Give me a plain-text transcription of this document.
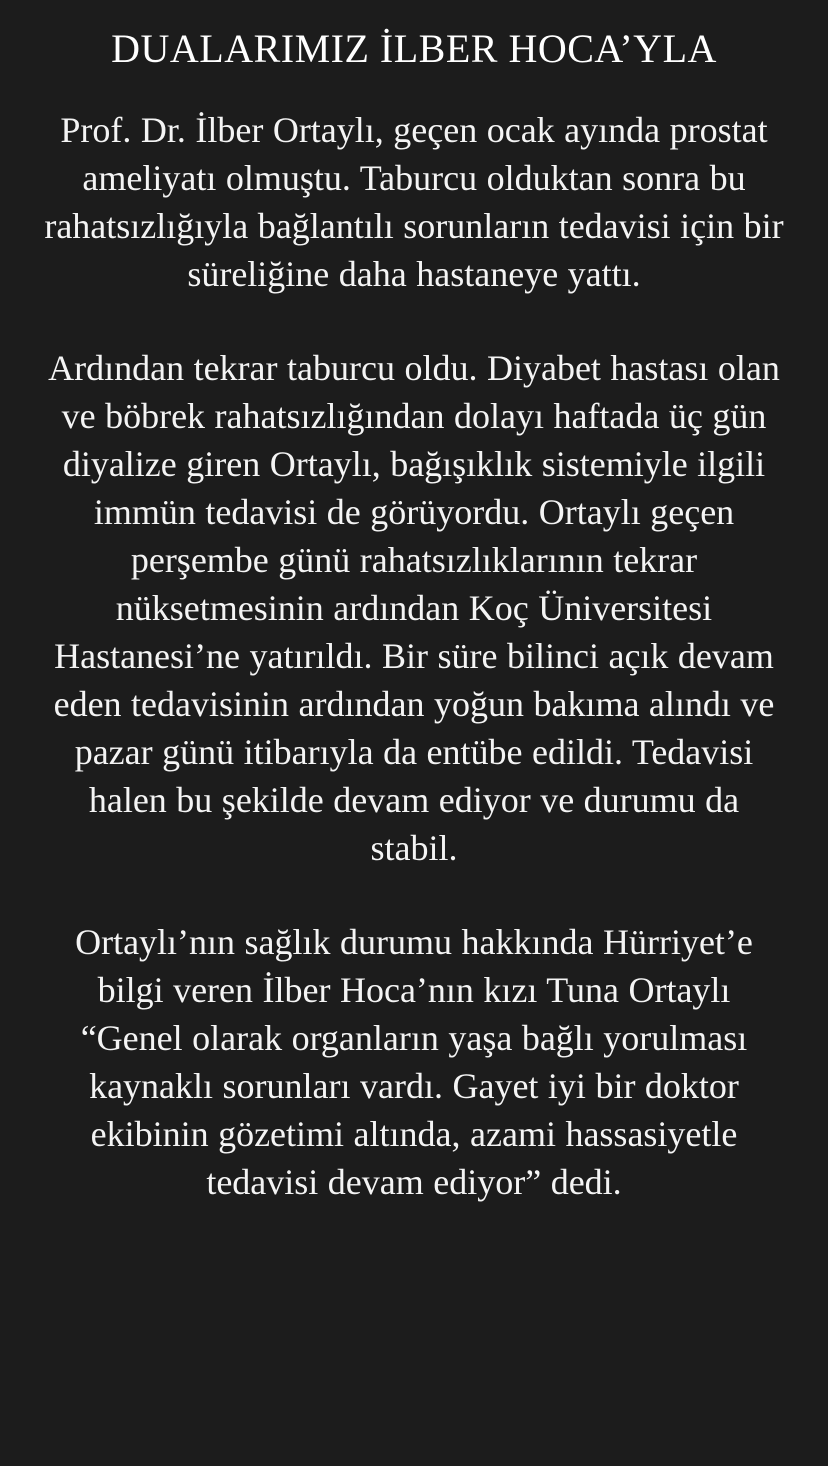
DUALARIMIZ İLBER HOCA’YLA

Prof. Dr. İlber Ortaylı, geçen ocak ayında prostat ameliyatı olmuştu. Taburcu olduktan sonra bu rahatsızlığıyla bağlantılı sorunların tedavisi için bir süreliğine daha hastaneye yattı.

Ardından tekrar taburcu oldu. Diyabet hastası olan ve böbrek rahatsızlığından dolayı haftada üç gün diyalize giren Ortaylı, bağışıklık sistemiyle ilgili immün tedavisi de görüyordu. Ortaylı geçen perşembe günü rahatsızlıklarının tekrar nüksetmesinin ardından Koç Üniversitesi Hastanesi’ne yatırıldı. Bir süre bilinci açık devam eden tedavisinin ardından yoğun bakıma alındı ve pazar günü itibarıyla da entübe edildi. Tedavisi halen bu şekilde devam ediyor ve durumu da stabil.

Ortaylı’nın sağlık durumu hakkında Hürriyet’e bilgi veren İlber Hoca’nın kızı Tuna Ortaylı “Genel olarak organların yaşa bağlı yorulması kaynaklı sorunları vardı. Gayet iyi bir doktor ekibinin gözetimi altında, azami hassasiyetle tedavisi devam ediyor” dedi.
